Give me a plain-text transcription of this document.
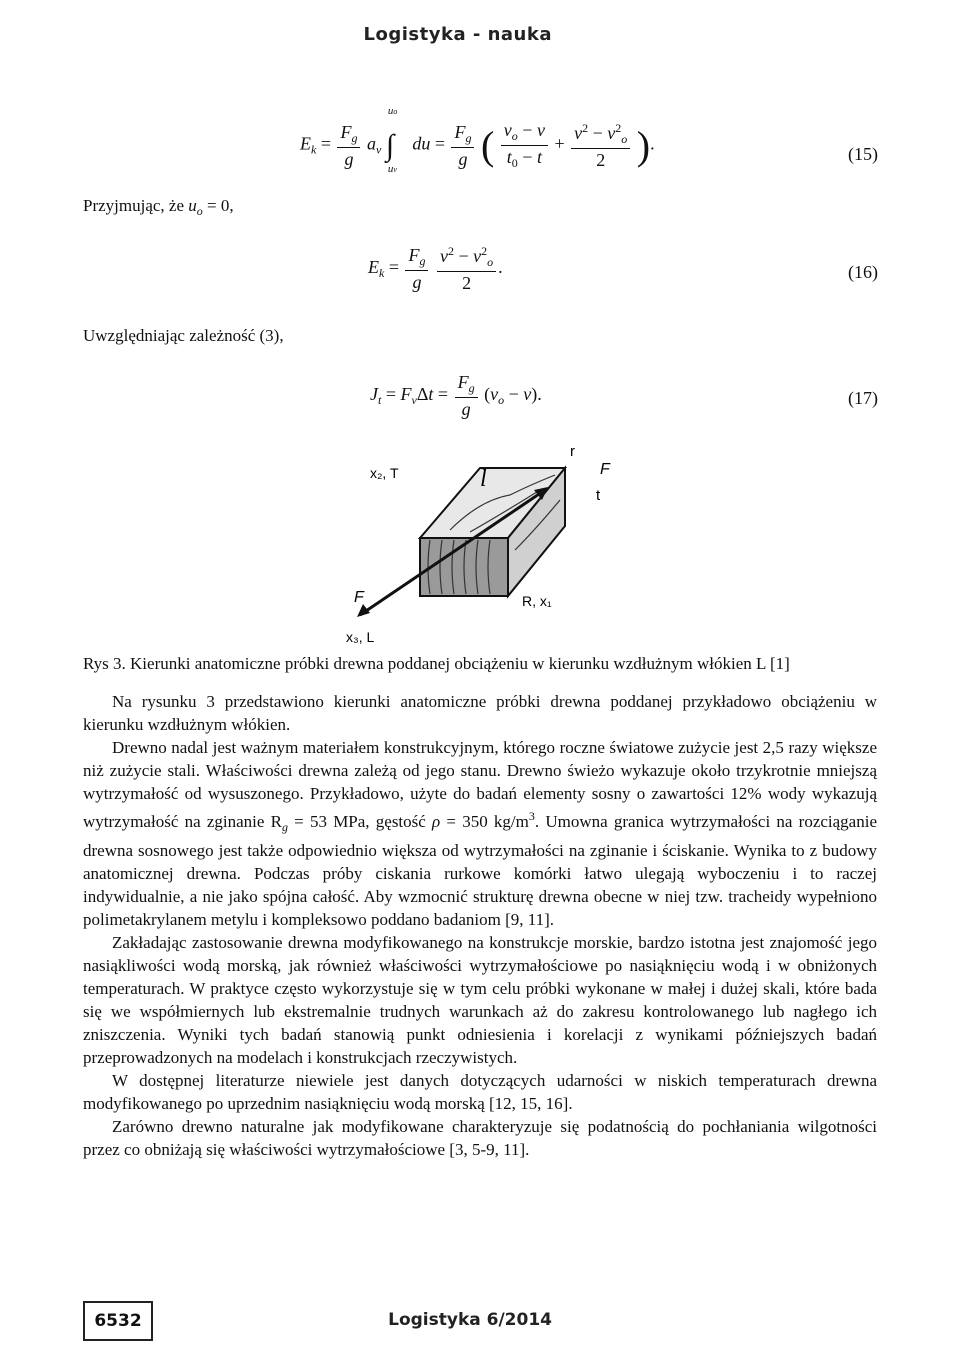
Logistyka - nauka
$E_k = \frac{F_g}{g} a_v$
uo
∫
uv
du = $\frac{F_g}{g}$ ( $\frac{v_o - v}{t_0 - t} + \frac{v^2 - v^2_o}{2}$ ).
(15)
Przyjmując, że $u_o = 0$,
$E_k = \frac{F_g}{g}$
$\frac{v^2 - v^2_o}{2}$ .	(16)
Uwzględniając zależność (3),
$J_t = F_v\Delta t = \frac{F_g}{g} (v_o - v)$.	(17)
x₂, T	l
r
F
t
F	R, x₁
x₃, L
Rys 3. Kierunki anatomiczne próbki drewna poddanej obciążeniu w kierunku wzdłużnym włókien L [1]

Na rysunku 3 przedstawiono kierunki anatomiczne próbki drewna poddanej przykładowo obciążeniu w kierunku wzdłużnym włókien.

Drewno nadal jest ważnym materiałem konstrukcyjnym, którego roczne światowe zużycie jest 2,5 razy większe niż zużycie stali. Właściwości drewna zależą od jego stanu. Drewno świeżo wykazuje około trzykrotnie mniejszą wytrzymałość od wysuszonego. Przykładowo, użyte do badań elementy sosny o zawartości 12% wody wykazują wytrzymałość na zginanie $R_g = 53$ MPa, gęstość ρ = 350 $kg/m^3$. Umowna granica wytrzymałości na rozciąganie drewna sosnowego jest także odpowiednio większa od wytrzymałości na zginanie i ściskanie. Wynika to z budowy anatomicznej drewna. Podczas próby ciskania rurkowe komórki łatwo ulegają wyboczeniu i to raczej indywidualnie, a nie jako spójna całość. Aby wzmocnić strukturę drewna obecne w niej tzw. tracheidy wypełniono polimetakrylanem metylu i kompleksowo poddano badaniom [9, 11].

Zakładając zastosowanie drewna modyfikowanego na konstrukcje morskie, bardzo istotna jest znajomość jego nasiąkliwości wodą morską, jak również właściwości wytrzymałościowe po nasiąknięciu wodą i w obniżonych temperaturach. W praktyce często wykorzystuje się w tym celu próbki wykonane w małej i dużej skali, które bada się we współmiernych lub ekstremalnie trudnych warunkach aż do zakresu kontrolowanego lub nagłego ich zniszczenia. Wyniki tych badań stanowią punkt odniesienia i korelacji z wynikami późniejszych badań przeprowadzonych na modelach i konstrukcjach rzeczywistych.

W dostępnej literaturze niewiele jest danych dotyczących udarności w niskich temperaturach drewna modyfikowanego po uprzednim nasiąknięciu wodą morską [12, 15, 16].

Zarówno drewno naturalne jak modyfikowane charakteryzuje się podatnością do pochłaniania wilgotności przez co obniżają się właściwości wytrzymałościowe [3, 5-9, 11].

6532	Logistyka 6/2014
